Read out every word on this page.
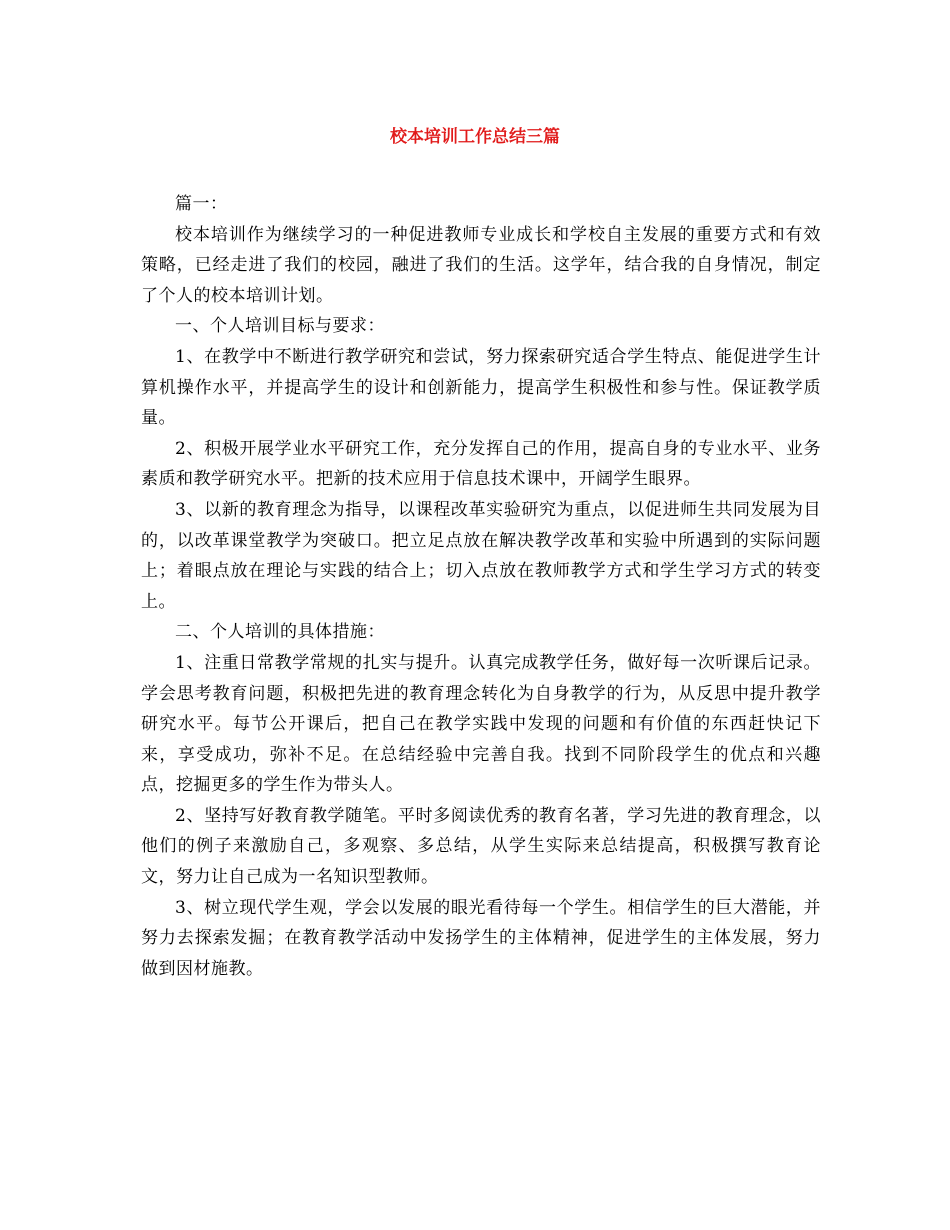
校本培训工作总结三篇

篇一：

校本培训作为继续学习的一种促进教师专业成长和学校自主发展的重要方式和有效策略，已经走进了我们的校园，融进了我们的生活。这学年，结合我的自身情况，制定了个人的校本培训计划。

一、个人培训目标与要求：

1、在教学中不断进行教学研究和尝试，努力探索研究适合学生特点、能促进学生计算机操作水平，并提高学生的设计和创新能力，提高学生积极性和参与性。保证教学质量。

2、积极开展学业水平研究工作，充分发挥自己的作用，提高自身的专业水平、业务素质和教学研究水平。把新的技术应用于信息技术课中，开阔学生眼界。

3、以新的教育理念为指导，以课程改革实验研究为重点，以促进师生共同发展为目的，以改革课堂教学为突破口。把立足点放在解决教学改革和实验中所遇到的实际问题上；着眼点放在理论与实践的结合上；切入点放在教师教学方式和学生学习方式的转变上。

二、个人培训的具体措施：

1、注重日常教学常规的扎实与提升。认真完成教学任务，做好每一次听课后记录。学会思考教育问题，积极把先进的教育理念转化为自身教学的行为，从反思中提升教学研究水平。每节公开课后，把自己在教学实践中发现的问题和有价值的东西赶快记下来，享受成功，弥补不足。在总结经验中完善自我。找到不同阶段学生的优点和兴趣点，挖掘更多的学生作为带头人。

2、坚持写好教育教学随笔。平时多阅读优秀的教育名著，学习先进的教育理念，以他们的例子来激励自己，多观察、多总结，从学生实际来总结提高，积极撰写教育论文，努力让自己成为一名知识型教师。

3、树立现代学生观，学会以发展的眼光看待每一个学生。相信学生的巨大潜能，并努力去探索发掘；在教育教学活动中发扬学生的主体精神，促进学生的主体发展，努力做到因材施教。
